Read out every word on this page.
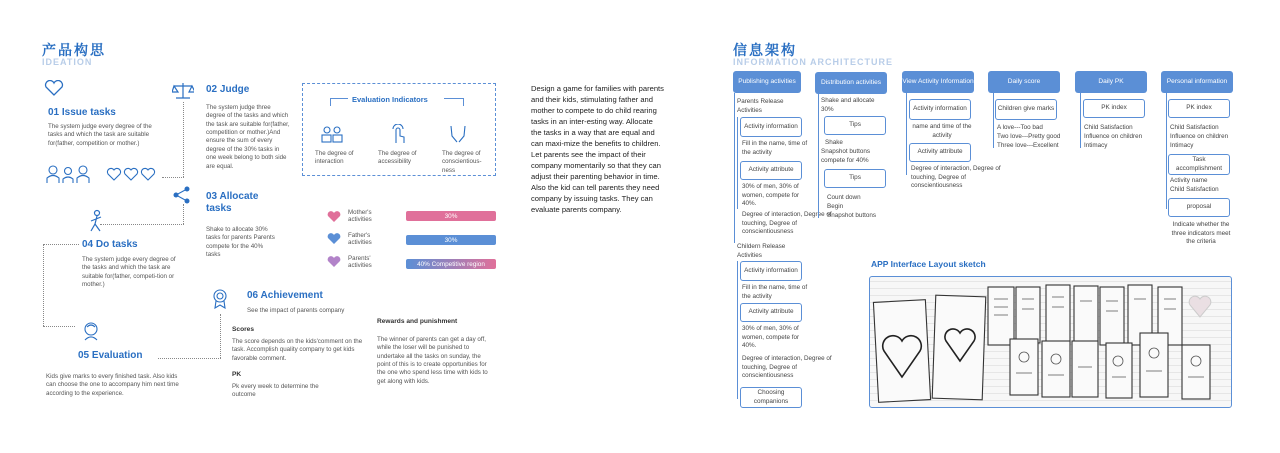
产品构思
IDEATION
01 Issue tasks
The system judge every degree of the tasks and which the task are suitable for(father, competition or mother.)
02 Judge
The system judge three degree of the tasks and which the task are suitable for(father, competition or mother.)And ensure the sum of every degree of the 30% tasks in one week belong to both side are equal.
Evaluation Indicators
The degree of interaction
The degree of accessibility
The degree of conscientious-ness
03 Allocate tasks
Shake to allocate 30% tasks for parents Parents compete for the 40% tasks
Mother's activities	30%
Father's activities	30%
Parents' activities	40% Competitive region
04 Do tasks
The system judge every degree of the tasks and which the task are suitable for(father, competi-tion or mother.)
06 Achievement
See the impact of parents company
Scores
The score depends on the kids'comment on the task. Accomplish quality company to get kids favorable comment.
PK
Pk every week to determine the outcome
Rewards and punishment
The winner of parents can get a day off, while the loser will be punished to undertake all the tasks on sunday, the point of this is to create opportunities for the one who spend less time with kids to get along with kids.
05 Evaluation
Kids give marks to every finished task. Also kids can choose the one to accompany him next time according to the experience.
Design a game for families with parents and their kids, stimulating father and mother to compete to do child rearing tasks in an inter-esting way. Allocate the tasks in a way that are equal and can maxi-mize the benefits to children. Let parents see the impact of their company momentarily so that they can adjust their parenting behavior in time. Also the kid can tell parents they need company by issuing tasks. They can evaluate parents company.
信息架构
INFORMATION ARCHITECTURE
Publishing activities	Distribution activities	View Activity Information	Daily score	Daily PK	Personal information
Parents Release Activities
Activity information
Fill in the name, time of the activity
Activity attribute
30% of men, 30% of women, compete for 40%.
Degree of interaction, Degree of touching, Degree of conscientiousness
Childern Release Activities
Activity information
Fill in the name, time of the activity
Activity attribute
30% of men, 30% of women, compete for 40%.
Degree of interaction, Degree of touching, Degree of conscientiousness
Choosing companions
Shake and allocate 30%
Tips
Shake
Snapshot buttons compete for 40%
Tips
Count down
Begin
Snapshot buttons
Activity information
name and time of the activity
Activity attribute
Degree of interaction, Degree of touching, Degree of conscientiousness
Children give marks
A love---Too bad
Two love---Pretty good
Three love---Excellent
PK index
Child Satisfaction
Influence on children
Intimacy
PK index
Child Satisfaction
Influence on children
Intimacy
Task accomplishment
Activity name
Child Satisfaction
proposal
Indicate whether the three indicators meet the criteria
APP Interface Layout sketch
